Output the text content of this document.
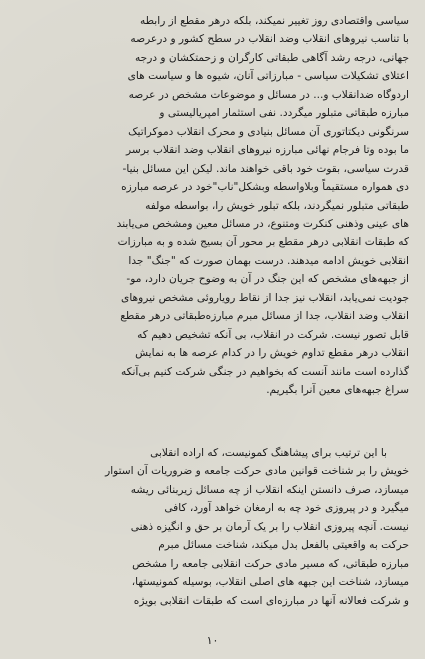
سیاسی واقتصادی روز تغییر نمیکند، بلکه درهر مقطع از رابطه
با تناسب نیروهای انقلاب وضد انقلاب در سطح کشور و درعرصه
جهانی، درجه رشد آگاهی طبقاتی کارگران و زحمتکشان و درجه
اعتلای تشکیلات سیاسی - مبارزاتی آنان، شیوه ها و سیاست های
اردوگاه ضدانقلاب و... در مسائل و موضوعات مشخص در عرصه
مبارزه طبقاتی متبلور میگردد. نفی استثمار امپریالیستی و
سرنگونی دیکتاتوری آن مسائل بنیادی و محرک انقلاب دموکراتیک
ما بوده وتا فرجام نهائی مبارزه نیروهای انقلاب وضد انقلاب برسر
قدرت سیاسی، بقوت خود باقی خواهند ماند. لیکن این مسائل بنیا-
دی همواره مستقیماً وبلاواسطه وبشکل"ناب"خود در عرصه مبارزه
طبقاتی متبلور نمیگردند، بلکه تبلور خویش را، بواسطه مولفه
های عینی وذهنی کنکرت ومتنوع، در مسائل معین ومشخص می‌یابند
که طبقات انقلابی درهر مقطع بر محور آن بسیج شده و به مبارزات
انقلابی خویش ادامه میدهند. درست بهمان صورت که "جنگ" جدا
از جبهه‌های مشخص که این جنگ در آن به وضوح جریان دارد، مو-
جودیت نمی‌یابد، انقلاب نیز جدا از نقاط رویاروئی مشخص نیروهای
انقلاب وضد انقلاب، جدا از مسائل مبرم مبارزه‌طبقاتی درهر مقطع
قابل تصور نیست. شرکت در انقلاب، بی آنکه تشخیص دهیم که
انقلاب درهر مقطع تداوم خویش را در کدام عرصه ها به نمایش
گذارده است مانند آنست که بخواهیم در جنگی شرکت کنیم بی‌آنکه
سراغ جبهه‌های معین آنرا بگیریم.
با این ترتیب برای پیشاهنگ کمونیست، که اراده انقلابی
خویش را بر شناخت قوانین مادی حرکت جامعه و ضروریات آن استوار
میسازد، صرف دانستن اینکه انقلاب از چه مسائل زیربنائی ریشه
میگیرد و در پیروزی خود چه به ارمغان خواهد آورد، کافی
نیست. آنچه پیروزی انقلاب را بر یک آرمان بر حق و انگیزه ذهنی
حرکت به واقعیتی بالفعل بدل میکند، شناخت مسائل مبرم
مبارزه طبقاتی، که مسیر مادی حرکت انقلابی جامعه را مشخص
میسازد، شناخت این جبهه های اصلی انقلاب، بوسیله کمونیستها،
و شرکت فعالانه آنها در مبارزه‌ای است که طبقات انقلابی بویژه
۱۰
